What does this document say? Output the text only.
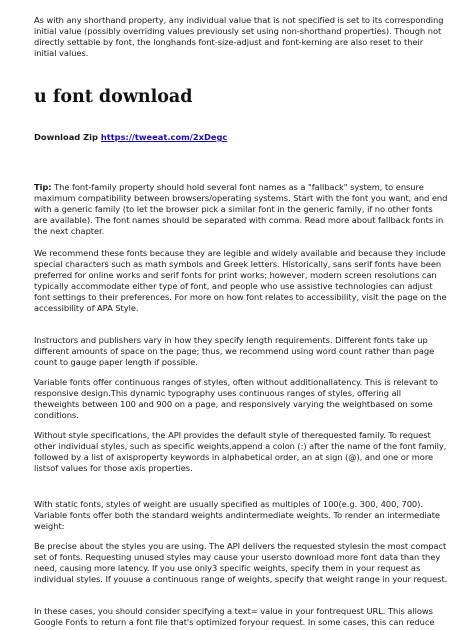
As with any shorthand property, any individual value that is not specified is set to its corresponding initial value (possibly overriding values previously set using non-shorthand properties). Though not directly settable by font, the longhands font-size-adjust and font-kerning are also reset to their initial values.

u font download

Download Zip https://tweeat.com/2xDegc

Tip: The font-family property should hold several font names as a "fallback" system, to ensure maximum compatibility between browsers/operating systems. Start with the font you want, and end with a generic family (to let the browser pick a similar font in the generic family, if no other fonts are available). The font names should be separated with comma. Read more about fallback fonts in the next chapter.

We recommend these fonts because they are legible and widely available and because they include special characters such as math symbols and Greek letters. Historically, sans serif fonts have been preferred for online works and serif fonts for print works; however, modern screen resolutions can typically accommodate either type of font, and people who use assistive technologies can adjust font settings to their preferences. For more on how font relates to accessibility, visit the page on the accessibility of APA Style.

Instructors and publishers vary in how they specify length requirements. Different fonts take up different amounts of space on the page; thus, we recommend using word count rather than page count to gauge paper length if possible.

Variable fonts offer continuous ranges of styles, often without additionallatency. This is relevant to responsive design.This dynamic typography uses continuous ranges of styles, offering all theweights between 100 and 900 on a page, and responsively varying the weightbased on some conditions.

Without style specifications, the API provides the default style of therequested family. To request other individual styles, such as specific weights,append a colon (:) after the name of the font family, followed by a list of axisproperty keywords in alphabetical order, an at sign (@), and one or more listsof values for those axis properties.

With static fonts, styles of weight are usually specified as multiples of 100(e.g. 300, 400, 700). Variable fonts offer both the standard weights andintermediate weights. To render an intermediate weight:

Be precise about the styles you are using. The API delivers the requested stylesin the most compact set of fonts. Requesting unused styles may cause your usersto download more font data than they need, causing more latency. If you use only3 specific weights, specify them in your request as individual styles. If youuse a continuous range of weights, specify that weight range in your request.

In these cases, you should consider specifying a text= value in your fontrequest URL. This allows Google Fonts to return a font file that's optimized foryour request. In some cases, this can reduce
